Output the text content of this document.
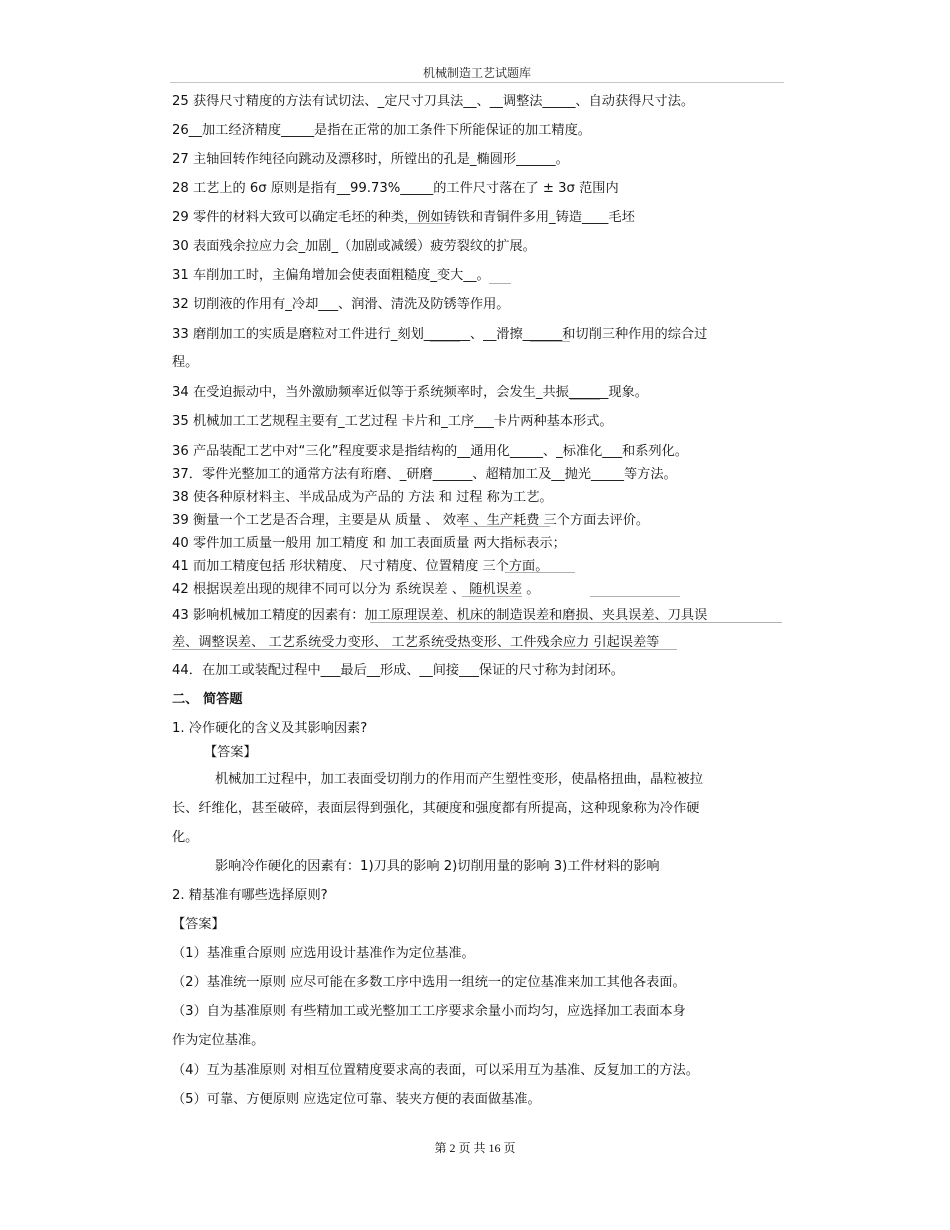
机械制造工艺试题库
25 获得尺寸精度的方法有试切法、_定尺寸刀具法__、__调整法_____、自动获得尺寸法。
26__加工经济精度_____是指在正常的加工条件下所能保证的加工精度。
27 主轴回转作纯径向跳动及漂移时，所镗出的孔是_椭圆形______。
28 工艺上的 6σ 原则是指有__99.73%_____的工件尺寸落在了 ± 3σ 范围内
29 零件的材料大致可以确定毛坯的种类，例如铸铁和青铜件多用_铸造____毛坯
30 表面残余拉应力会_加剧_（加剧或减缓）疲劳裂纹的扩展。
31 车削加工时，主偏角增加会使表面粗糙度_变大__。
32 切削液的作用有_冷却___、润滑、清洗及防锈等作用。
33 磨削加工的实质是磨粒对工件进行_刻划_______、__滑擦______和切削三种作用的综合过
程。
34 在受迫振动中，当外激励频率近似等于系统频率时，会发生_共振______现象。
35 机械加工工艺规程主要有_工艺过程 卡片和_工序___卡片两种基本形式。
36 产品装配工艺中对“三化”程度要求是指结构的__通用化_____、_标准化___和系列化。
37．零件光整加工的通常方法有珩磨、_研磨______、超精加工及__抛光_____等方法。
38 使各种原材料主、半成品成为产品的 方法 和 过程 称为工艺。
39 衡量一个工艺是否合理，主要是从 质量 、 效率 、生产耗费 三个方面去评价。
40 零件加工质量一般用 加工精度 和 加工表面质量 两大指标表示；
41 而加工精度包括 形状精度、 尺寸精度、位置精度 三个方面。
42 根据误差出现的规律不同可以分为 系统误差 、 随机误差 。
43 影响机械加工精度的因素有：加工原理误差、机床的制造误差和磨损、夹具误差、刀具误
差、调整误差、 工艺系统受力变形、 工艺系统受热变形、工件残余应力 引起误差等
44．在加工或装配过程中___最后__形成、__间接___保证的尺寸称为封闭环。
二、 简答题
1. 冷作硬化的含义及其影响因素?
【答案】
机械加工过程中，加工表面受切削力的作用而产生塑性变形，使晶格扭曲，晶粒被拉
长、纤维化，甚至破碎，表面层得到强化，其硬度和强度都有所提高，这种现象称为冷作硬
化。
影响冷作硬化的因素有：1)刀具的影响 2)切削用量的影响 3)工件材料的影响
2. 精基准有哪些选择原则?
【答案】
（1）基准重合原则 应选用设计基准作为定位基准。
（2）基准统一原则 应尽可能在多数工序中选用一组统一的定位基准来加工其他各表面。
（3）自为基准原则 有些精加工或光整加工工序要求余量小而均匀，应选择加工表面本身
作为定位基准。
（4）互为基准原则 对相互位置精度要求高的表面，可以采用互为基准、反复加工的方法。
（5）可靠、方便原则 应选定位可靠、装夹方便的表面做基准。
第 2 页 共 16 页
